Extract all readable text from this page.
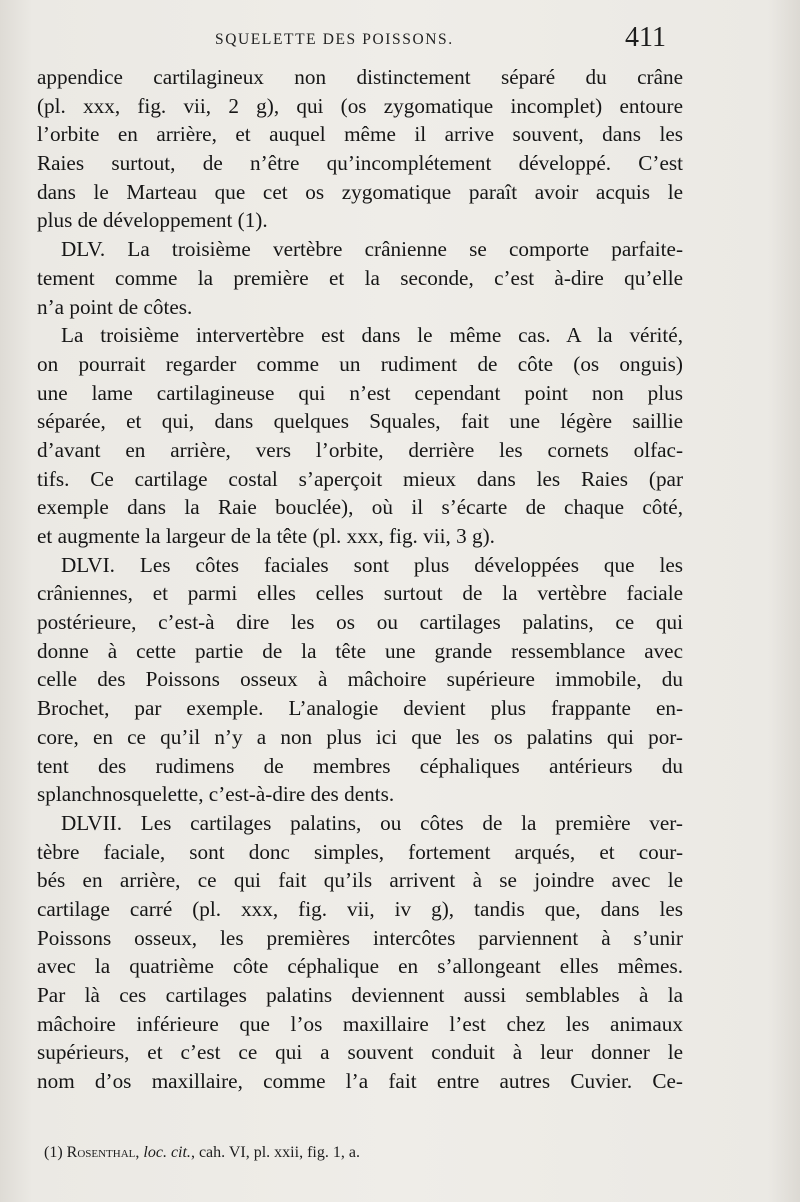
SQUELETTE DES POISSONS.	411
appendice cartilagineux non distinctement séparé du crâne
(pl. xxx, fig. vii, 2 g), qui (os zygomatique incomplet) entoure
l’orbite en arrière, et auquel même il arrive souvent, dans les
Raies surtout, de n’être qu’incomplétement développé. C’est
dans le Marteau que cet os zygomatique paraît avoir acquis le
plus de développement (1).
DLV. La troisième vertèbre crânienne se comporte parfaite-
tement comme la première et la seconde, c’est à-dire qu’elle
n’a point de côtes.
La troisième intervertèbre est dans le même cas. A la vérité,
on pourrait regarder comme un rudiment de côte (os onguis)
une lame cartilagineuse qui n’est cependant point non plus
séparée, et qui, dans quelques Squales, fait une légère saillie
d’avant en arrière, vers l’orbite, derrière les cornets olfac-
tifs. Ce cartilage costal s’aperçoit mieux dans les Raies (par
exemple dans la Raie bouclée), où il s’écarte de chaque côté,
et augmente la largeur de la tête (pl. xxx, fig. vii, 3 g).
DLVI. Les côtes faciales sont plus développées que les
crâniennes, et parmi elles celles surtout de la vertèbre faciale
postérieure, c’est-à dire les os ou cartilages palatins, ce qui
donne à cette partie de la tête une grande ressemblance avec
celle des Poissons osseux à mâchoire supérieure immobile, du
Brochet, par exemple. L’analogie devient plus frappante en-
core, en ce qu’il n’y a non plus ici que les os palatins qui por-
tent des rudimens de membres céphaliques antérieurs du
splanchnosquelette, c’est-à-dire des dents.
DLVII. Les cartilages palatins, ou côtes de la première ver-
tèbre faciale, sont donc simples, fortement arqués, et cour-
bés en arrière, ce qui fait qu’ils arrivent à se joindre avec le
cartilage carré (pl. xxx, fig. vii, iv g), tandis que, dans les
Poissons osseux, les premières intercôtes parviennent à s’unir
avec la quatrième côte céphalique en s’allongeant elles mêmes.
Par là ces cartilages palatins deviennent aussi semblables à la
mâchoire inférieure que l’os maxillaire l’est chez les animaux
supérieurs, et c’est ce qui a souvent conduit à leur donner le
nom d’os maxillaire, comme l’a fait entre autres Cuvier. Ce-
(1) Rosenthal, loc. cit., cah. VI, pl. xxii, fig. 1, a.
